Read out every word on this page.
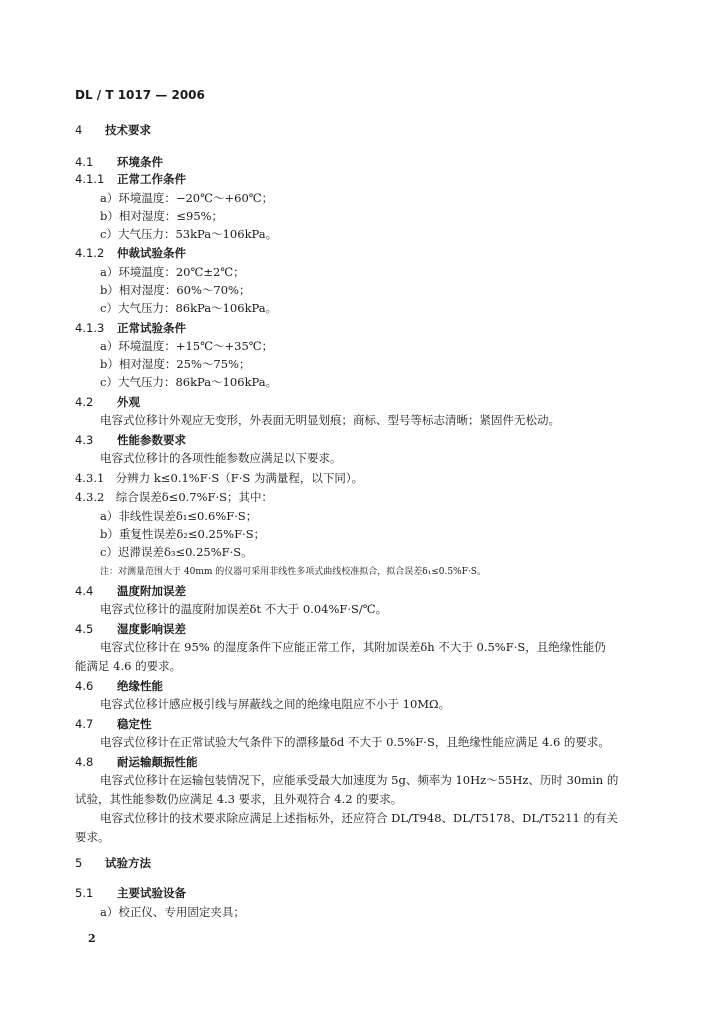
DL / T 1017 — 2006
4 技术要求
4.1 环境条件
4.1.1 正常工作条件
a）环境温度：−20℃～+60℃；
b）相对湿度：≤95%；
c）大气压力：53kPa～106kPa。
4.1.2 仲裁试验条件
a）环境温度：20℃±2℃；
b）相对湿度：60%～70%；
c）大气压力：86kPa～106kPa。
4.1.3 正常试验条件
a）环境温度：+15℃～+35℃；
b）相对湿度：25%～75%；
c）大气压力：86kPa～106kPa。
4.2 外观
电容式位移计外观应无变形，外表面无明显划痕；商标、型号等标志清晰；紧固件无松动。
4.3 性能参数要求
电容式位移计的各项性能参数应满足以下要求。
4.3.1　分辨力 k≤0.1%F·S（F·S 为满量程，以下同）。
4.3.2　综合误差δ≤0.7%F·S；其中：
a）非线性误差δ₁≤0.6%F·S；
b）重复性误差δ₂≤0.25%F·S；
c）迟滞误差δ₃≤0.25%F·S。
注：对测量范围大于 40mm 的仪器可采用非线性多项式曲线校准拟合，拟合误差δ₁≤0.5%F·S。
4.4 温度附加误差
电容式位移计的温度附加误差δt 不大于 0.04%F·S/℃。
4.5 湿度影响误差
电容式位移计在 95% 的湿度条件下应能正常工作，其附加误差δh 不大于 0.5%F·S，且绝缘性能仍
能满足 4.6 的要求。
4.6 绝缘性能
电容式位移计感应极引线与屏蔽线之间的绝缘电阻应不小于 10MΩ。
4.7 稳定性
电容式位移计在正常试验大气条件下的漂移量δd 不大于 0.5%F·S，且绝缘性能应满足 4.6 的要求。
4.8 耐运输颠振性能
电容式位移计在运输包装情况下，应能承受最大加速度为 5g、频率为 10Hz～55Hz、历时 30min 的
试验，其性能参数仍应满足 4.3 要求，且外观符合 4.2 的要求。
电容式位移计的技术要求除应满足上述指标外，还应符合 DL/T948、DL/T5178、DL/T5211 的有关
要求。
5 试验方法
5.1 主要试验设备
a）校正仪、专用固定夹具；
2
